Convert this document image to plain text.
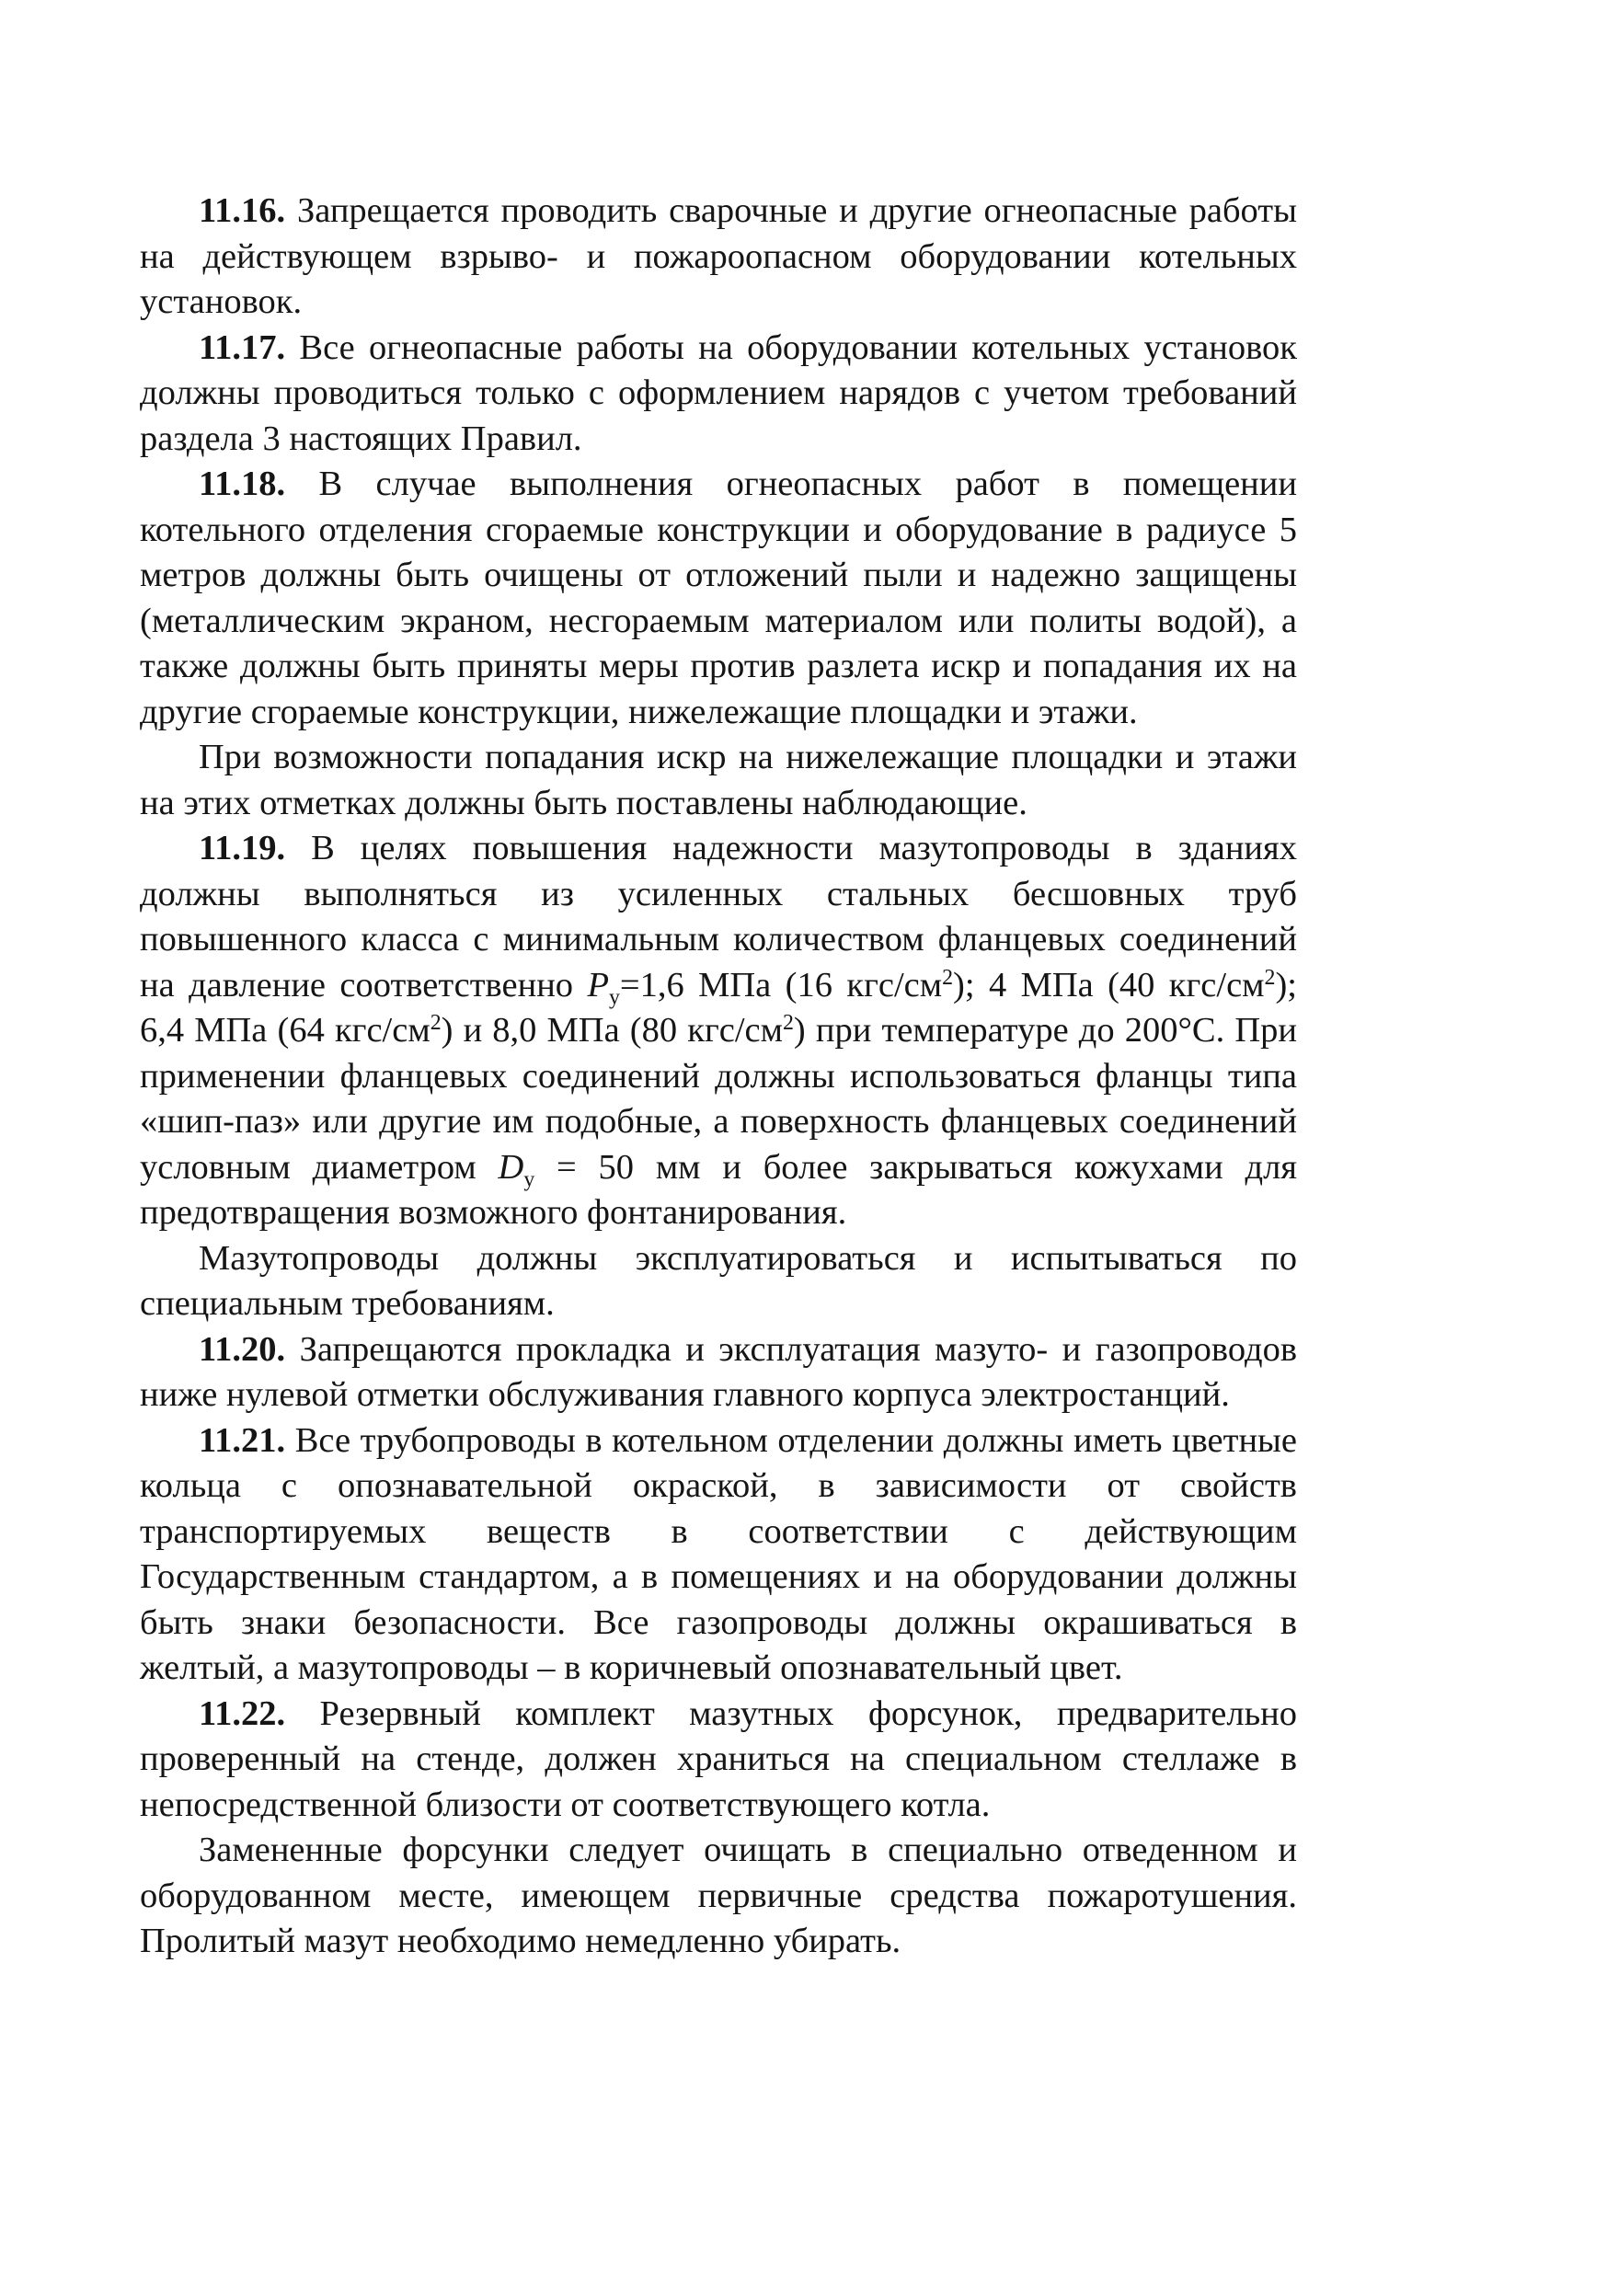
11.16. Запрещается проводить сварочные и другие огнеопасные работы на действующем взрыво- и пожароопасном оборудовании котельных установок.

11.17. Все огнеопасные работы на оборудовании котельных установок должны проводиться только с оформлением нарядов с учетом требований раздела 3 настоящих Правил.

11.18. В случае выполнения огнеопасных работ в помещении котельного отделения сгораемые конструкции и оборудование в радиусе 5 метров должны быть очищены от отложений пыли и надежно защищены (металлическим экраном, несгораемым материалом или политы водой), а также должны быть приняты меры против разлета искр и попадания их на другие сгораемые конструкции, нижележащие площадки и этажи.

При возможности попадания искр на нижележащие площадки и этажи на этих отметках должны быть поставлены наблюдающие.

11.19. В целях повышения надежности мазутопроводы в зданиях должны выполняться из усиленных стальных бесшовных труб повышенного класса с минимальным количеством фланцевых соединений на давление соответственно $P_у=1,6$ МПа (16 кгс/$см^2$); 4 МПа (40 кгс/$см^2$); 6,4 МПа (64 кгс/$см^2$) и 8,0 МПа (80 кгс/$см^2$) при температуре до 200°С. При применении фланцевых соединений должны использоваться фланцы типа «шип-паз» или другие им подобные, а поверхность фланцевых соединений условным диаметром $D_у = 50$ мм и более закрываться кожухами для предотвращения возможного фонтанирования.

Мазутопроводы должны эксплуатироваться и испытываться по специальным требованиям.

11.20. Запрещаются прокладка и эксплуатация мазуто- и газопроводов ниже нулевой отметки обслуживания главного корпуса электростанций.

11.21. Все трубопроводы в котельном отделении должны иметь цветные кольца с опознавательной окраской, в зависимости от свойств транспортируемых веществ в соответствии с действующим Государственным стандартом, а в помещениях и на оборудовании должны быть знаки безопасности. Все газопроводы должны окрашиваться в желтый, а мазутопроводы – в коричневый опознавательный цвет.

11.22. Резервный комплект мазутных форсунок, предварительно проверенный на стенде, должен храниться на специальном стеллаже в непосредственной близости от соответствующего котла.

Замененные форсунки следует очищать в специально отведенном и оборудованном месте, имеющем первичные средства пожаротушения. Пролитый мазут необходимо немедленно убирать.
